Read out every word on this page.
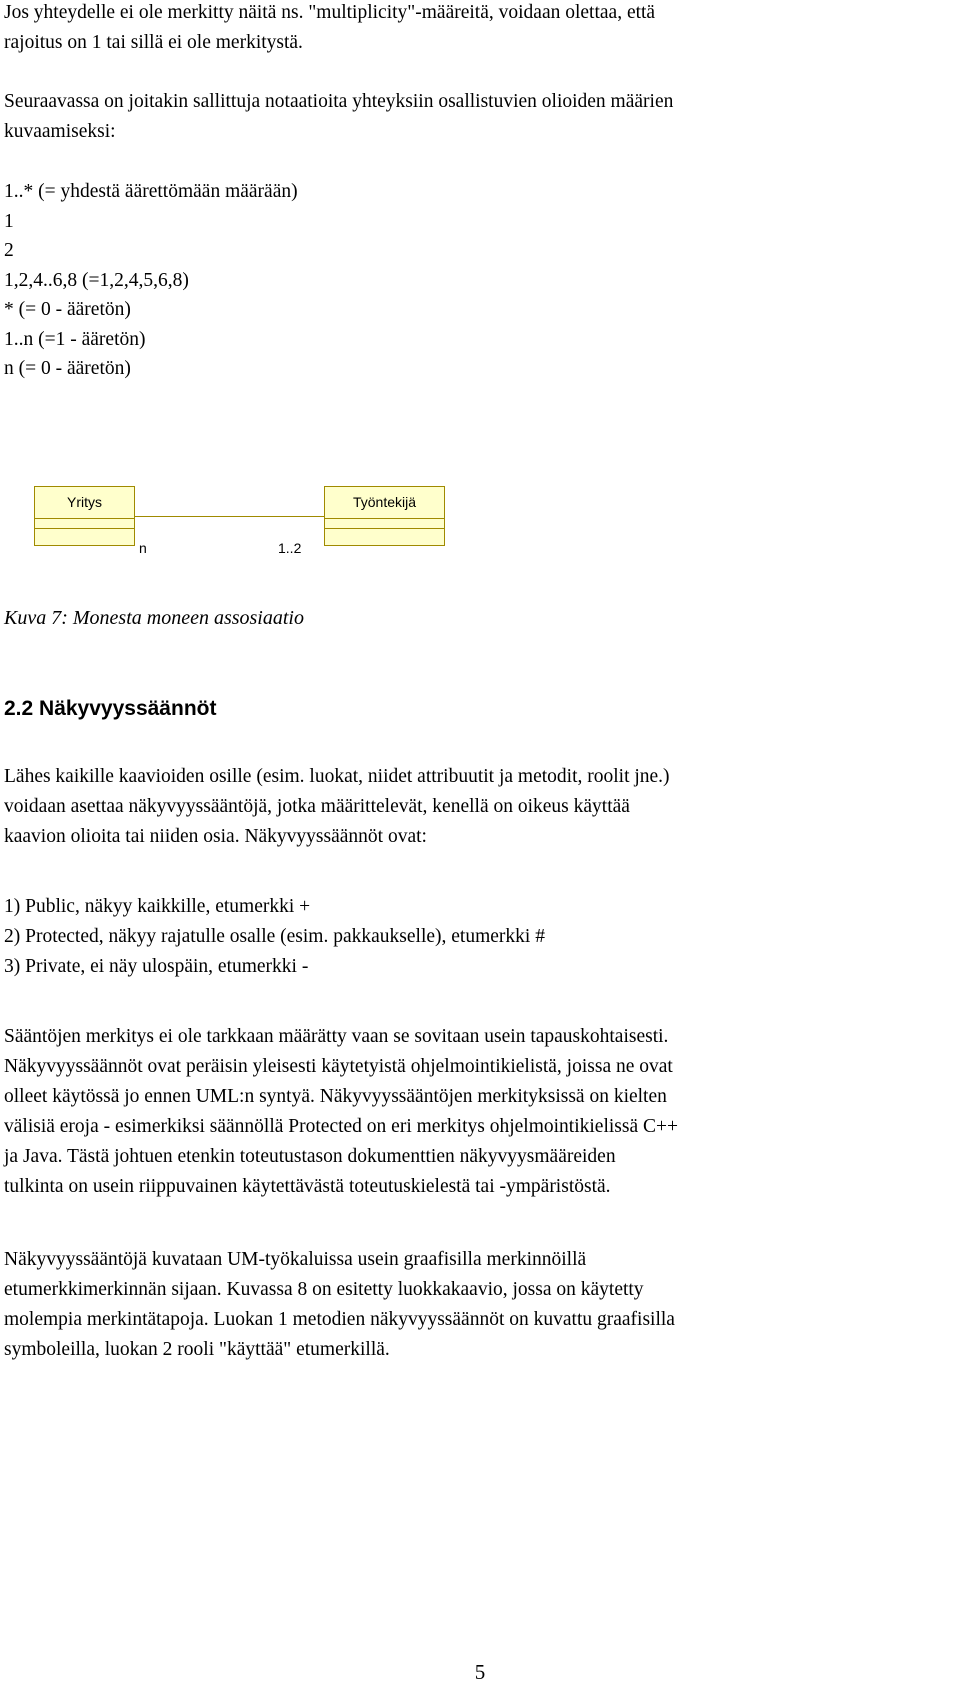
Jos yhteydelle ei ole merkitty näitä ns. "multiplicity"-määreitä, voidaan olettaa, että
rajoitus on 1 tai sillä ei ole merkitystä.
Seuraavassa on joitakin sallittuja notaatioita yhteyksiin osallistuvien olioiden määrien
kuvaamiseksi:
1..* (= yhdestä äärettömään määrään)
1
2
1,2,4..6,8 (=1,2,4,5,6,8)
* (= 0 - ääretön)
1..n (=1 - ääretön)
n (= 0 - ääretön)
Yritys	Työntekijä
n	1..2
Kuva 7: Monesta moneen assosiaatio
2.2 Näkyvyyssäännöt
Lähes kaikille kaavioiden osille (esim. luokat, niidet attribuutit ja metodit, roolit jne.)
voidaan asettaa näkyvyyssääntöjä, jotka määrittelevät, kenellä on oikeus käyttää
kaavion olioita tai niiden osia. Näkyvyyssäännöt ovat:
1) Public, näkyy kaikkille, etumerkki +
2) Protected, näkyy rajatulle osalle (esim. pakkaukselle), etumerkki #
3) Private, ei näy ulospäin, etumerkki -
Sääntöjen merkitys ei ole tarkkaan määrätty vaan se sovitaan usein tapauskohtaisesti.
Näkyvyyssäännöt ovat peräisin yleisesti käytetyistä ohjelmointikielistä, joissa ne ovat
olleet käytössä jo ennen UML:n syntyä. Näkyvyyssääntöjen merkityksissä on kielten
välisiä eroja - esimerkiksi säännöllä Protected on eri merkitys ohjelmointikielissä C++
ja Java. Tästä johtuen etenkin toteutustason dokumenttien näkyvyysmääreiden
tulkinta on usein riippuvainen käytettävästä toteutuskielestä tai -ympäristöstä.
Näkyvyyssääntöjä kuvataan UM-työkaluissa usein graafisilla merkinnöillä
etumerkkimerkinnän sijaan. Kuvassa 8 on esitetty luokkakaavio, jossa on käytetty
molempia merkintätapoja. Luokan 1 metodien näkyvyyssäännöt on kuvattu graafisilla
symboleilla, luokan 2 rooli "käyttää" etumerkillä.
5
